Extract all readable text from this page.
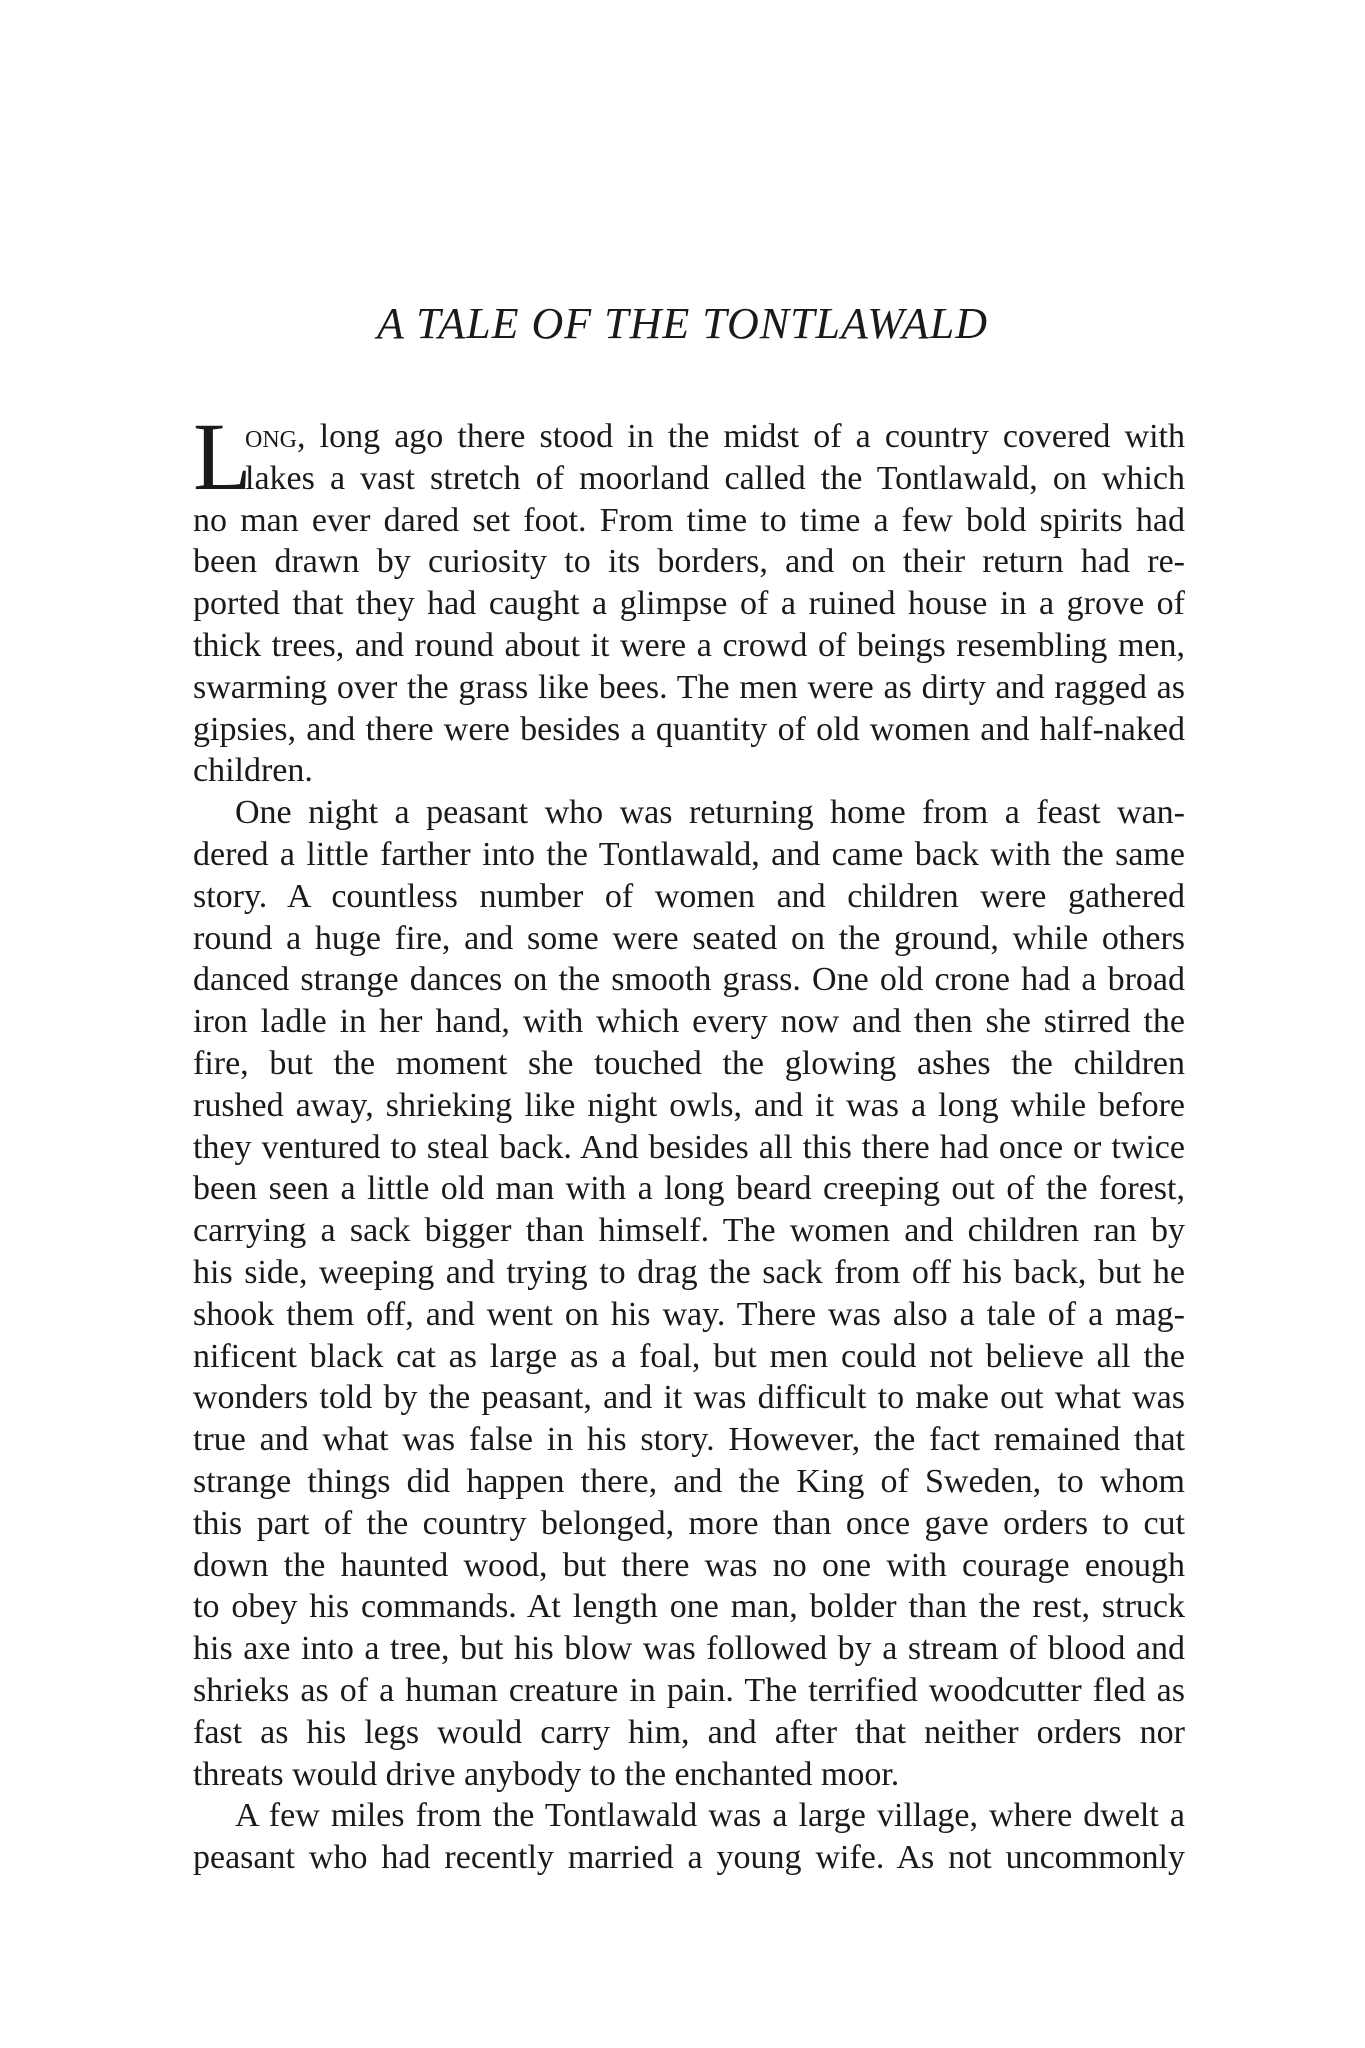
A TALE OF THE TONTLAWALD
L
ong, long ago there stood in the midst of a country covered with
lakes a vast stretch of moorland called the Tontlawald, on which
no man ever dared set foot. From time to time a few bold spirits had
been drawn by curiosity to its borders, and on their return had re-
ported that they had caught a glimpse of a ruined house in a grove of
thick trees, and round about it were a crowd of beings resembling men,
swarming over the grass like bees. The men were as dirty and ragged as
gipsies, and there were besides a quantity of old women and half-naked
children.
One night a peasant who was returning home from a feast wan-
dered a little farther into the Tontlawald, and came back with the same
story. A countless number of women and children were gathered
round a huge fire, and some were seated on the ground, while others
danced strange dances on the smooth grass. One old crone had a broad
iron ladle in her hand, with which every now and then she stirred the
fire, but the moment she touched the glowing ashes the children
rushed away, shrieking like night owls, and it was a long while before
they ventured to steal back. And besides all this there had once or twice
been seen a little old man with a long beard creeping out of the forest,
carrying a sack bigger than himself. The women and children ran by
his side, weeping and trying to drag the sack from off his back, but he
shook them off, and went on his way. There was also a tale of a mag-
nificent black cat as large as a foal, but men could not believe all the
wonders told by the peasant, and it was difficult to make out what was
true and what was false in his story. However, the fact remained that
strange things did happen there, and the King of Sweden, to whom
this part of the country belonged, more than once gave orders to cut
down the haunted wood, but there was no one with courage enough
to obey his commands. At length one man, bolder than the rest, struck
his axe into a tree, but his blow was followed by a stream of blood and
shrieks as of a human creature in pain. The terrified woodcutter fled as
fast as his legs would carry him, and after that neither orders nor
threats would drive anybody to the enchanted moor.
A few miles from the Tontlawald was a large village, where dwelt a
peasant who had recently married a young wife. As not uncommonly
